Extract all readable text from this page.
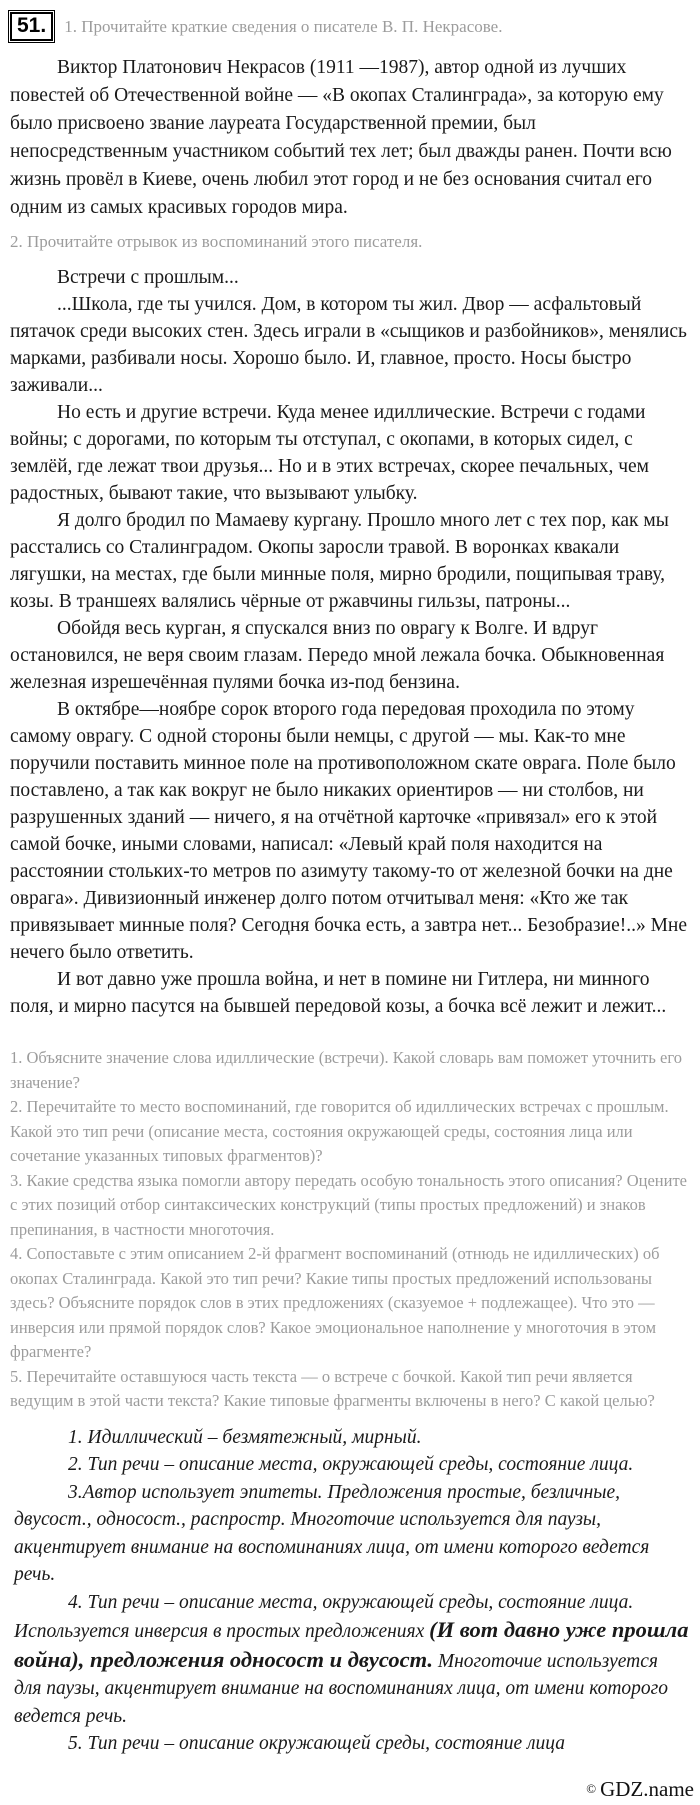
51.	1. Прочитайте краткие сведения о писателе В. П. Некрасове.

Виктор Платонович Некрасов (1911 —1987), автор одной из лучших повестей об Отечественной войне — «В окопах Сталинграда», за которую ему было присвоено звание лауреата Государственной премии, был непосредственным участником событий тех лет; был дважды ранен. Почти всю жизнь провёл в Киеве, очень любил этот город и не без основания считал его одним из самых красивых городов мира.

2. Прочитайте отрывок из воспоминаний этого писателя.

Встречи с прошлым...

...Школа, где ты учился. Дом, в котором ты жил. Двор — асфальтовый пятачок среди высоких стен. Здесь играли в «сыщиков и разбойников», менялись марками, разбивали носы. Хорошо было. И, главное, просто. Носы быстро заживали...

Но есть и другие встречи. Куда менее идиллические. Встречи с годами войны; с дорогами, по которым ты отступал, с окопами, в которых сидел, с землёй, где лежат твои друзья... Но и в этих встречах, скорее печальных, чем радостных, бывают такие, что вызывают улыбку.

Я долго бродил по Мамаеву кургану. Прошло много лет с тех пор, как мы расстались со Сталинградом. Окопы заросли травой. В воронках квакали лягушки, на местах, где были минные поля, мирно бродили, пощипывая траву, козы. В траншеях валялись чёрные от ржавчины гильзы, патроны...

Обойдя весь курган, я спускался вниз по оврагу к Волге. И вдруг остановился, не веря своим глазам. Передо мной лежала бочка. Обыкновенная железная изрешечённая пулями бочка из-под бензина.

В октябре—ноябре сорок второго года передовая проходила по этому самому оврагу. С одной стороны были немцы, с другой — мы. Как-то мне поручили поставить минное поле на противоположном скате оврага. Поле было поставлено, а так как вокруг не было никаких ориентиров — ни столбов, ни разрушенных зданий — ничего, я на отчётной карточке «привязал» его к этой самой бочке, иными словами, написал: «Левый край поля находится на расстоянии стольких-то метров по азимуту такому-то от железной бочки на дне оврага». Дивизионный инженер долго потом отчитывал меня: «Кто же так привязывает минные поля? Сегодня бочка есть, а завтра нет... Безобразие!..» Мне нечего было ответить.

И вот давно уже прошла война, и нет в помине ни Гитлера, ни минного поля, и мирно пасутся на бывшей передовой козы, а бочка всё лежит и лежит...

1. Объясните значение слова идиллические (встречи). Какой словарь вам поможет уточнить его значение?

2. Перечитайте то место воспоминаний, где говорится об идиллических встречах с прошлым. Какой это тип речи (описание места, состояния окружающей среды, состояния лица или сочетание указанных типовых фрагментов)?

3. Какие средства языка помогли автору передать особую тональность этого описания? Оцените с этих позиций отбор синтаксических конструкций (типы простых предложений) и знаков препинания, в частности многоточия.

4. Сопоставьте с этим описанием 2-й фрагмент воспоминаний (отнюдь не идиллических) об окопах Сталинграда. Какой это тип речи? Какие типы простых предложений использованы здесь? Объясните порядок слов в этих предложениях (сказуемое + подлежащее). Что это — инверсия или прямой порядок слов? Какое эмоциональное наполнение у многоточия в этом фрагменте?

5. Перечитайте оставшуюся часть текста — о встрече с бочкой. Какой тип речи является ведущим в этой части текста? Какие типовые фрагменты включены в него? С какой целью?

1. Идиллический – безмятежный, мирный.

2. Тип речи – описание места, окружающей среды, состояние лица.

3.Автор использует эпитеты. Предложения простые, безличные, двусост., односост., распростр. Многоточие используется для паузы, акцентирует внимание на воспоминаниях лица, от имени которого ведется речь.

4. Тип речи – описание места, окружающей среды, состояние лица. Используется инверсия в простых предложениях (И вот давно уже прошла война), предложения односост и двусост. Многоточие используется для паузы, акцентирует внимание на воспоминаниях лица, от имени которого ведется речь.

5. Тип речи – описание окружающей среды, состояние лица

© GDZ.name
